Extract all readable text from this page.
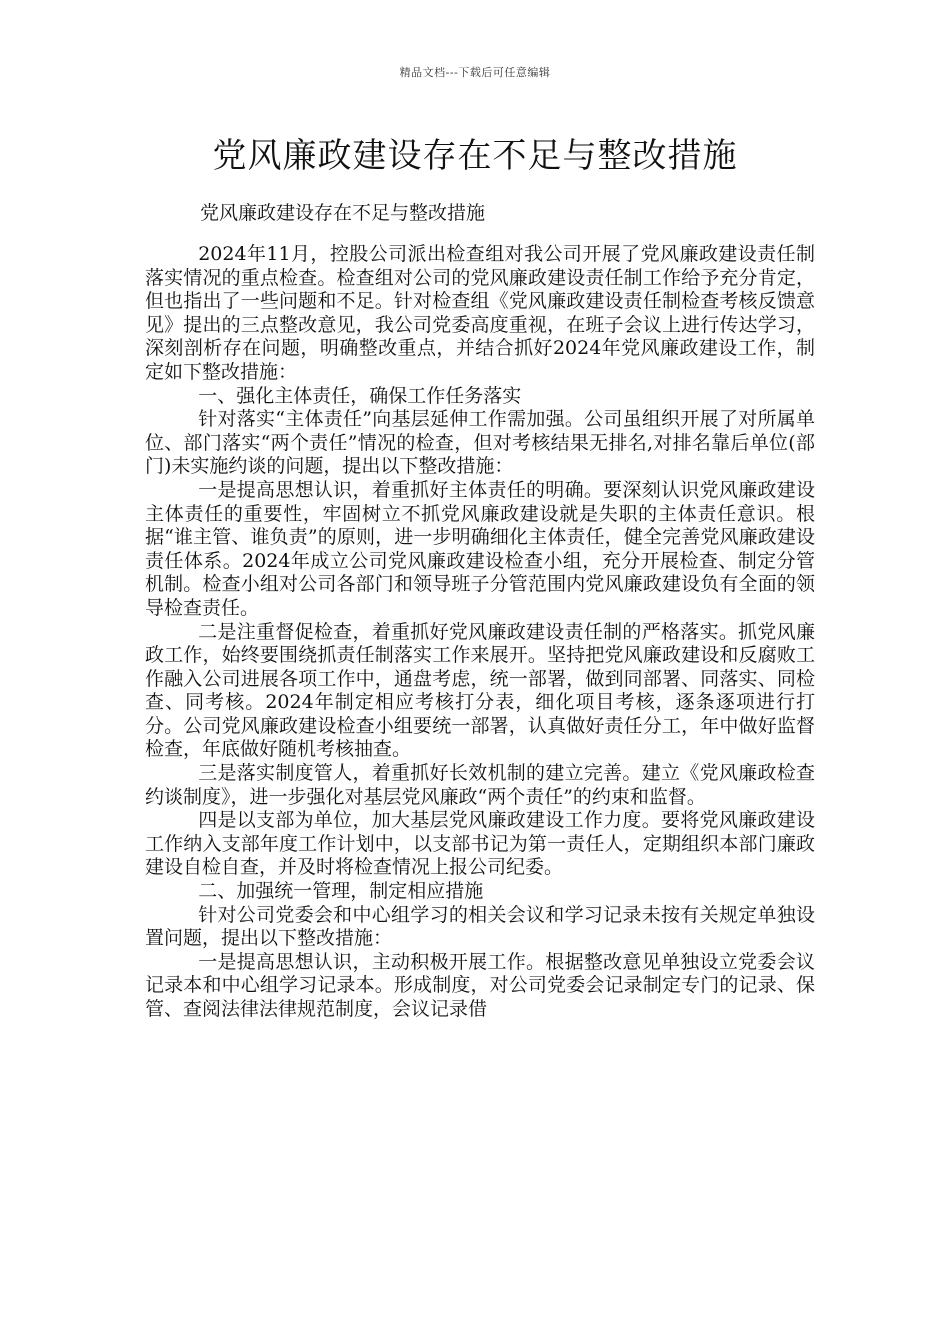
精品文档---下载后可任意编辑
党风廉政建设存在不足与整改措施

党风廉政建设存在不足与整改措施

2024年11月，控股公司派出检查组对我公司开展了党风廉政建设责任制落实情况的重点检查。检查组对公司的党风廉政建设责任制工作给予充分肯定，但也指出了一些问题和不足。针对检查组《党风廉政建设责任制检查考核反馈意见》提出的三点整改意见，我公司党委高度重视，在班子会议上进行传达学习，深刻剖析存在问题，明确整改重点，并结合抓好2024年党风廉政建设工作，制定如下整改措施：

一、强化主体责任，确保工作任务落实

针对落实“主体责任”向基层延伸工作需加强。公司虽组织开展了对所属单位、部门落实“两个责任”情况的检查，但对考核结果无排名,对排名靠后单位(部门)未实施约谈的问题，提出以下整改措施：

一是提高思想认识，着重抓好主体责任的明确。要深刻认识党风廉政建设主体责任的重要性，牢固树立不抓党风廉政建设就是失职的主体责任意识。根据“谁主管、谁负责”的原则，进一步明确细化主体责任，健全完善党风廉政建设责任体系。2024年成立公司党风廉政建设检查小组，充分开展检查、制定分管机制。检查小组对公司各部门和领导班子分管范围内党风廉政建设负有全面的领导检查责任。

二是注重督促检查，着重抓好党风廉政建设责任制的严格落实。抓党风廉政工作，始终要围绕抓责任制落实工作来展开。坚持把党风廉政建设和反腐败工作融入公司进展各项工作中，通盘考虑，统一部署，做到同部署、同落实、同检查、同考核。2024年制定相应考核打分表，细化项目考核，逐条逐项进行打分。公司党风廉政建设检查小组要统一部署，认真做好责任分工，年中做好监督检查，年底做好随机考核抽查。

三是落实制度管人，着重抓好长效机制的建立完善。建立《党风廉政检查约谈制度》，进一步强化对基层党风廉政“两个责任”的约束和监督。

四是以支部为单位，加大基层党风廉政建设工作力度。要将党风廉政建设工作纳入支部年度工作计划中，以支部书记为第一责任人，定期组织本部门廉政建设自检自查，并及时将检查情况上报公司纪委。

二、加强统一管理，制定相应措施

针对公司党委会和中心组学习的相关会议和学习记录未按有关规定单独设置问题，提出以下整改措施：

一是提高思想认识，主动积极开展工作。根据整改意见单独设立党委会议记录本和中心组学习记录本。形成制度，对公司党委会记录制定专门的记录、保管、查阅法律法律规范制度，会议记录借
